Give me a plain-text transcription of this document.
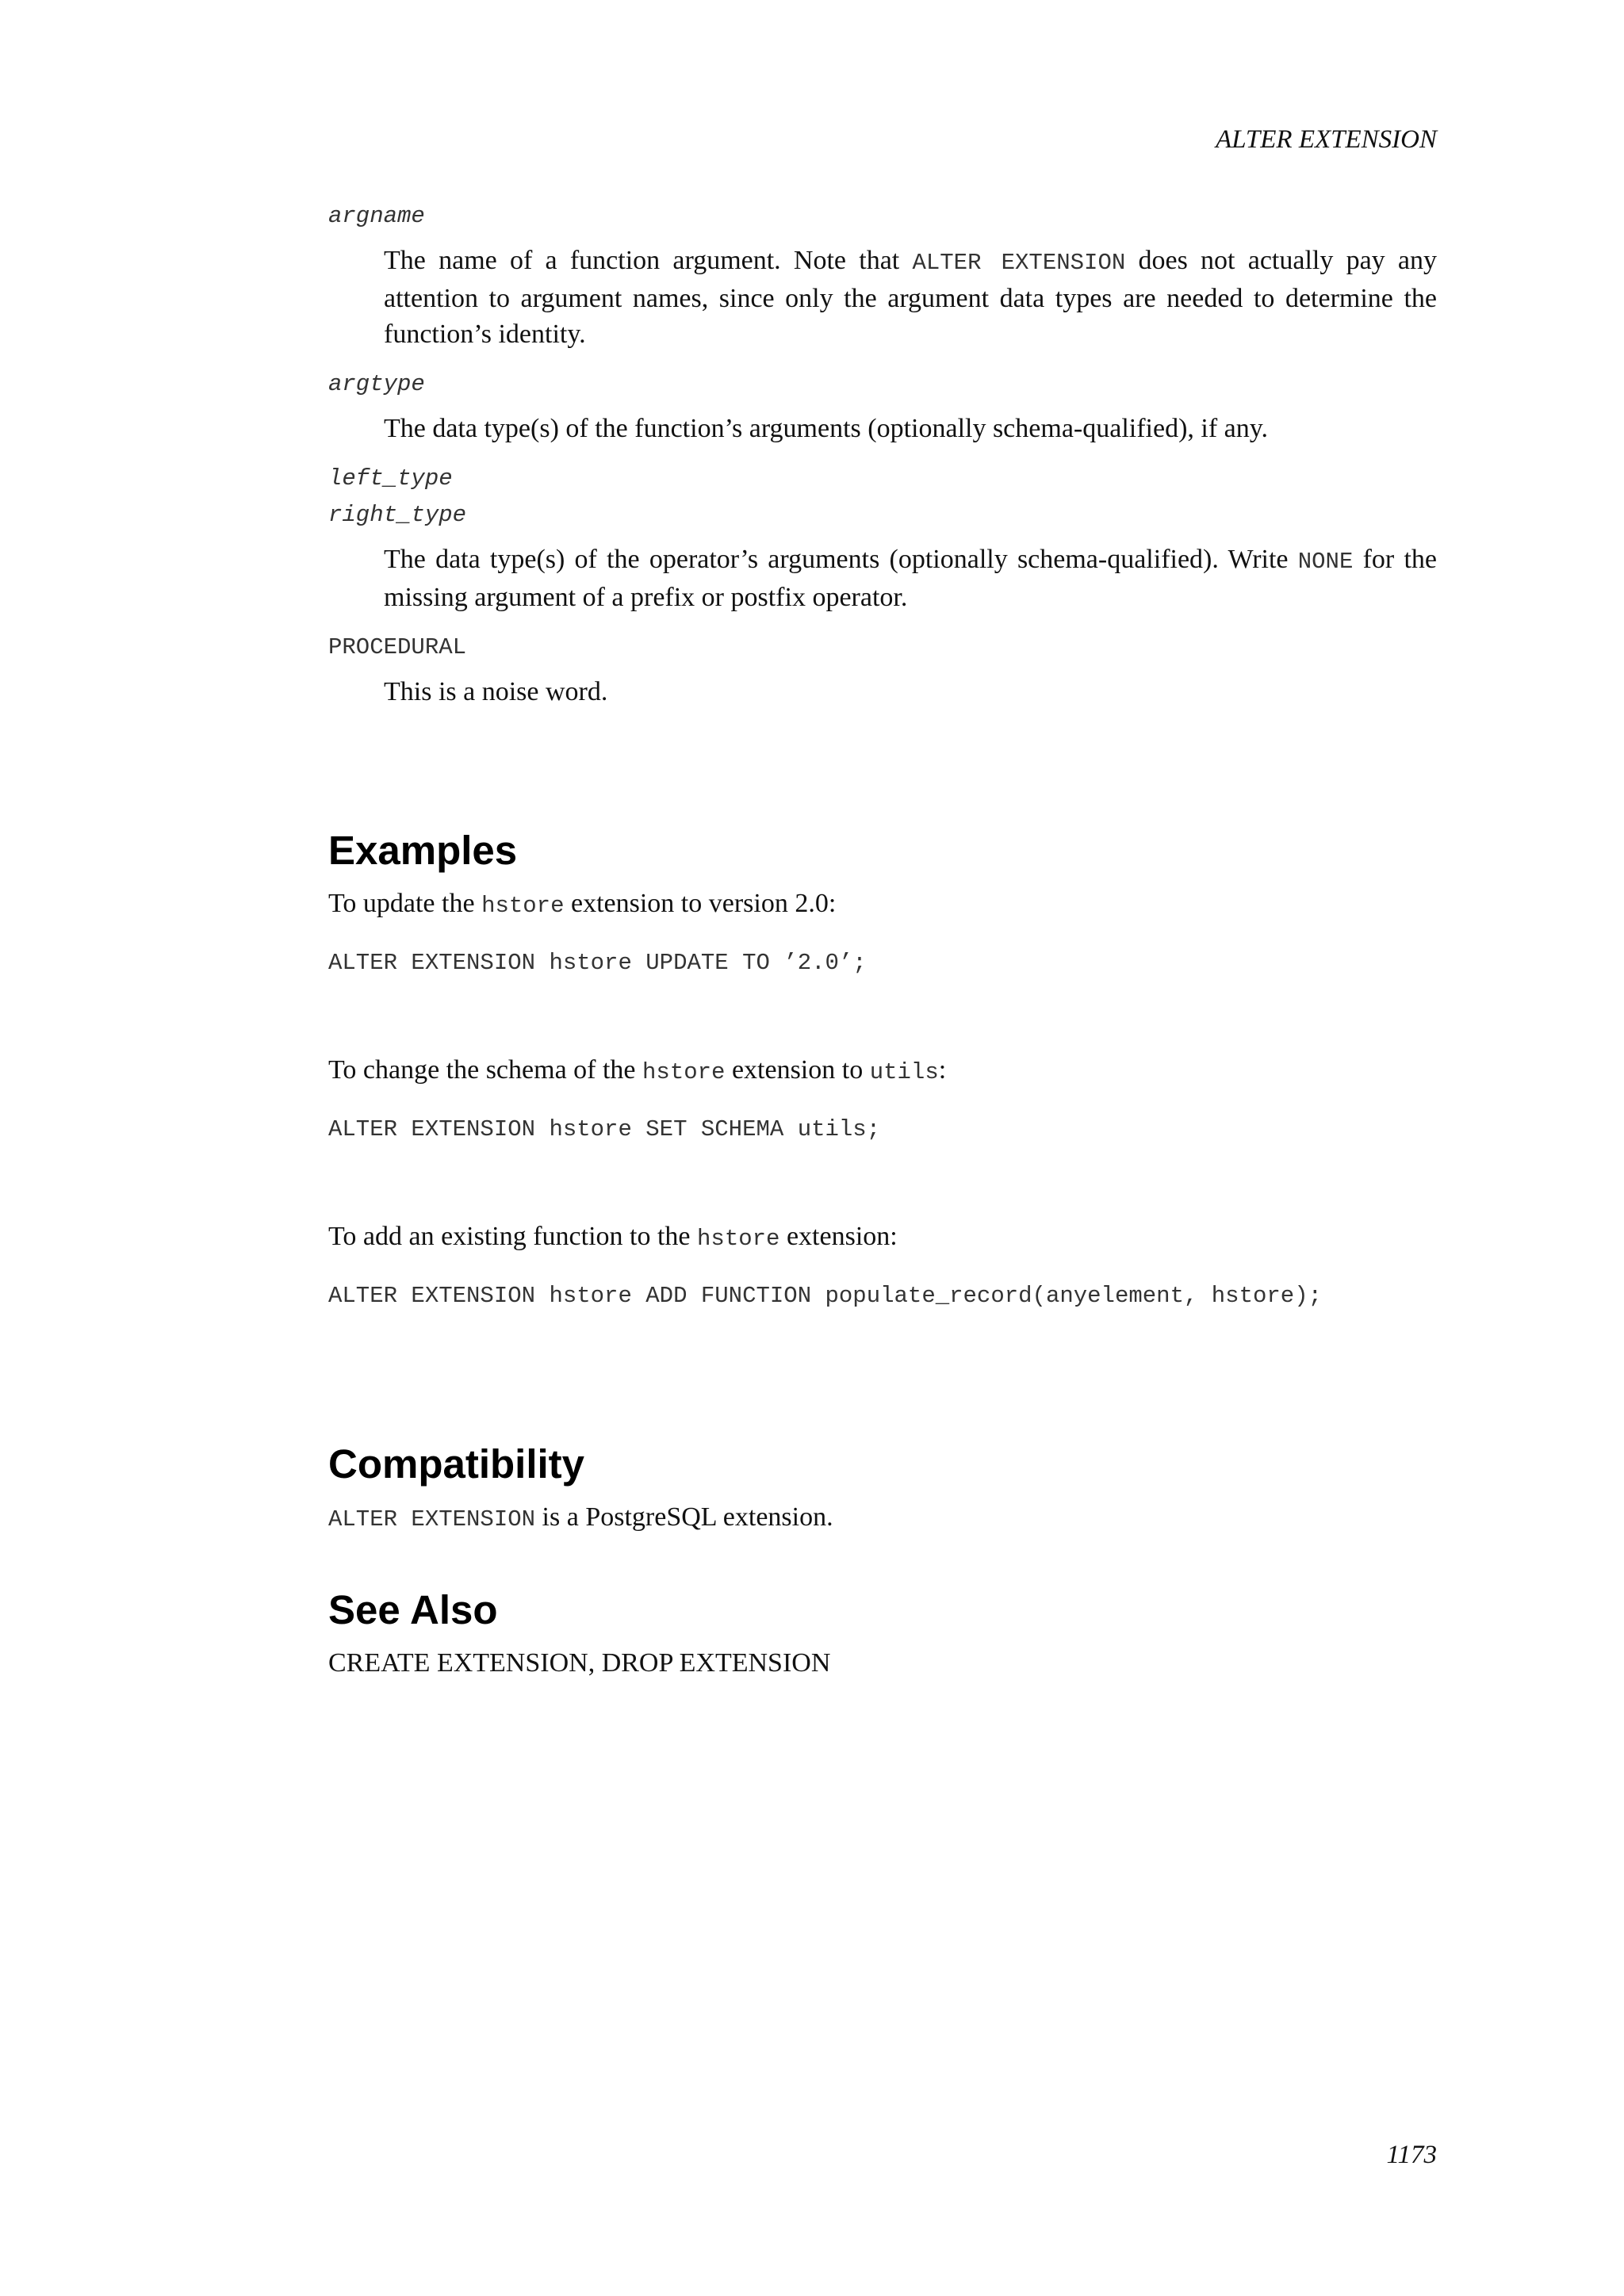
ALTER EXTENSION
argname
The name of a function argument. Note that ALTER EXTENSION does not actually pay any attention to argument names, since only the argument data types are needed to determine the function’s identity.
argtype
The data type(s) of the function’s arguments (optionally schema-qualified), if any.
left_type
right_type
The data type(s) of the operator’s arguments (optionally schema-qualified). Write NONE for the missing argument of a prefix or postfix operator.
PROCEDURAL
This is a noise word.
Examples
To update the hstore extension to version 2.0:
ALTER EXTENSION hstore UPDATE TO ’2.0’;
To change the schema of the hstore extension to utils:
ALTER EXTENSION hstore SET SCHEMA utils;
To add an existing function to the hstore extension:
ALTER EXTENSION hstore ADD FUNCTION populate_record(anyelement, hstore);
Compatibility
ALTER EXTENSION is a PostgreSQL extension.
See Also
CREATE EXTENSION, DROP EXTENSION
1173
